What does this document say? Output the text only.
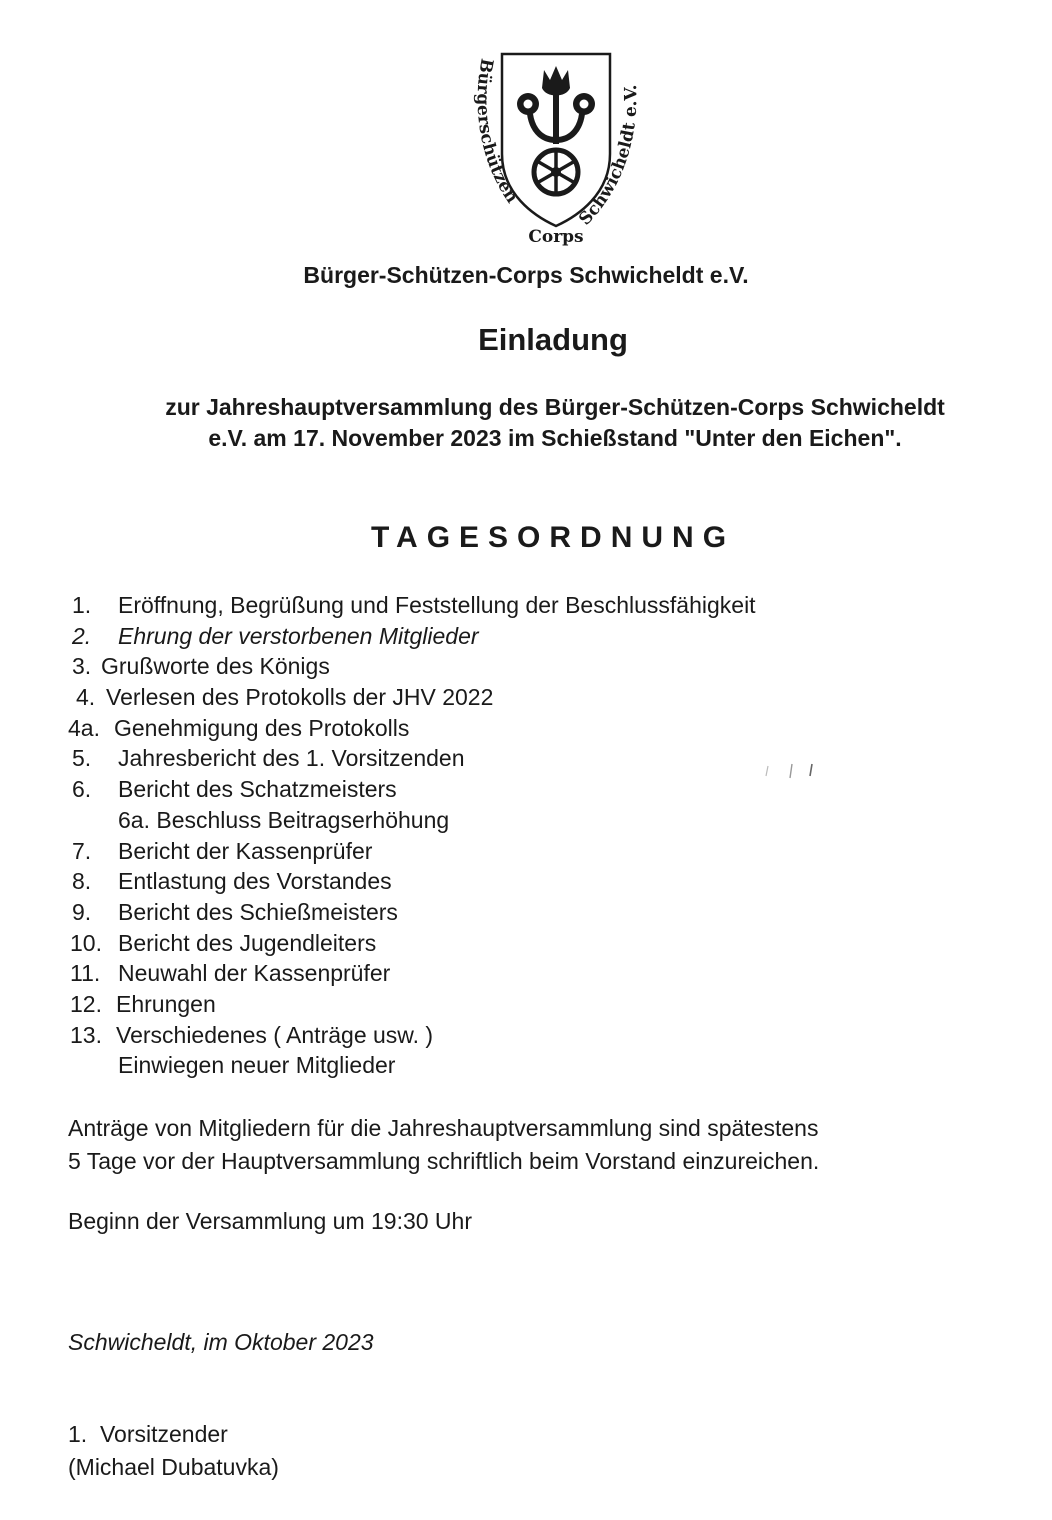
Bürgerschützen
Corps
Schwicheldt e.V.
Bürger-Schützen-Corps Schwicheldt e.V.
Einladung
zur Jahreshauptversammlung des Bürger-Schützen-Corps Schwicheldt
e.V. am 17. November 2023 im Schießstand "Unter den Eichen".
TAGESORDNUNG
1. Eröffnung, Begrüßung und Feststellung der Beschlussfähigkeit
2. Ehrung der verstorbenen Mitglieder
3. Grußworte des Königs
4. Verlesen des Protokolls der JHV 2022
4a. Genehmigung des Protokolls
5. Jahresbericht des 1. Vorsitzenden
6. Bericht des Schatzmeisters
6a. Beschluss Beitragserhöhung
7. Bericht der Kassenprüfer
8. Entlastung des Vorstandes
9. Bericht des Schießmeisters
10. Bericht des Jugendleiters
11. Neuwahl der Kassenprüfer
12. Ehrungen
13. Verschiedenes ( Anträge usw. )
Einwiegen neuer Mitglieder
Anträge von Mitgliedern für die Jahreshauptversammlung sind spätestens
5 Tage vor der Hauptversammlung schriftlich beim Vorstand einzureichen.
Beginn der Versammlung um 19:30 Uhr
Schwicheldt, im Oktober 2023
1.  Vorsitzender
(Michael Dubatuvka)
